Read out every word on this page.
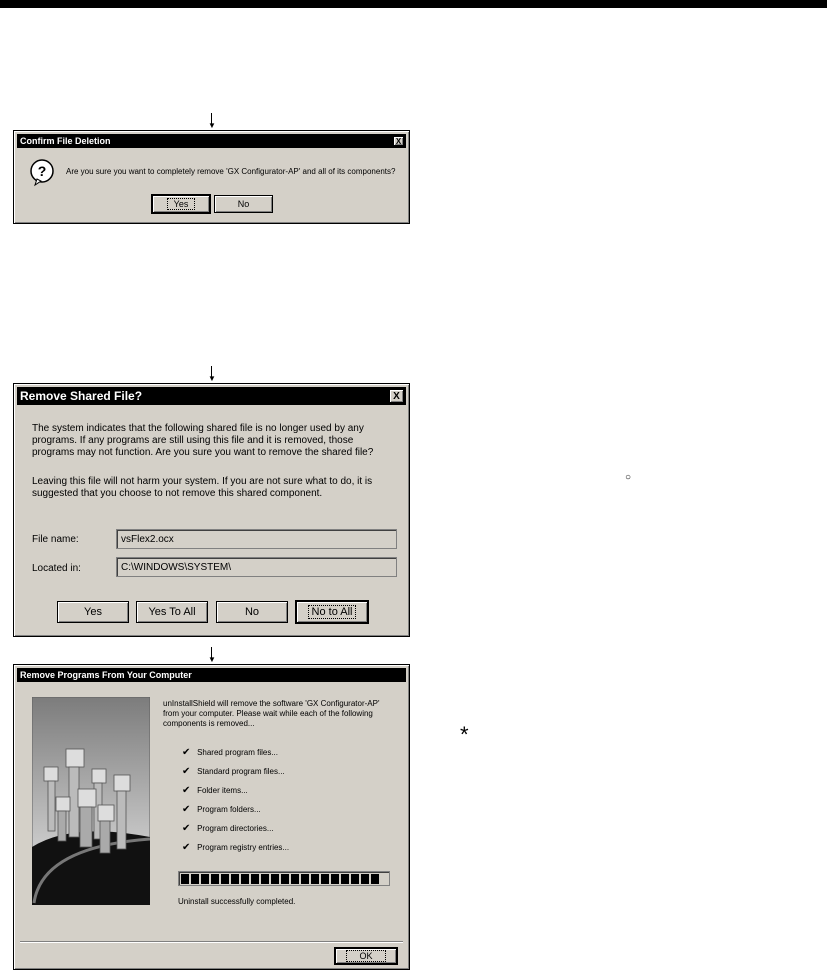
▼
▼
▼
Confirm File Deletion	X
? Are you sure you want to completely remove 'GX Configurator-AP' and all of its components?
Yes	No
Remove Shared File?	X
The system indicates that the following shared file is no longer used by any
programs. If any programs are still using this file and it is removed, those
programs may not function. Are you sure you want to remove the shared file?
Leaving this file will not harm your system. If you are not sure what to do, it is
suggested that you choose to not remove this shared component.
File name:	vsFlex2.ocx
Located in:	C:\WINDOWS\SYSTEM\
Yes	Yes To All	No	No to All
Remove Programs From Your Computer
unInstallShield will remove the software 'GX Configurator-AP'
from your computer. Please wait while each of the following
components is removed...
✔ Shared program files...
✔ Standard program files...
✔ Folder items...
✔ Program folders...
✔ Program directories...
✔ Program registry entries...
Uninstall successfully completed.
OK
○
*
